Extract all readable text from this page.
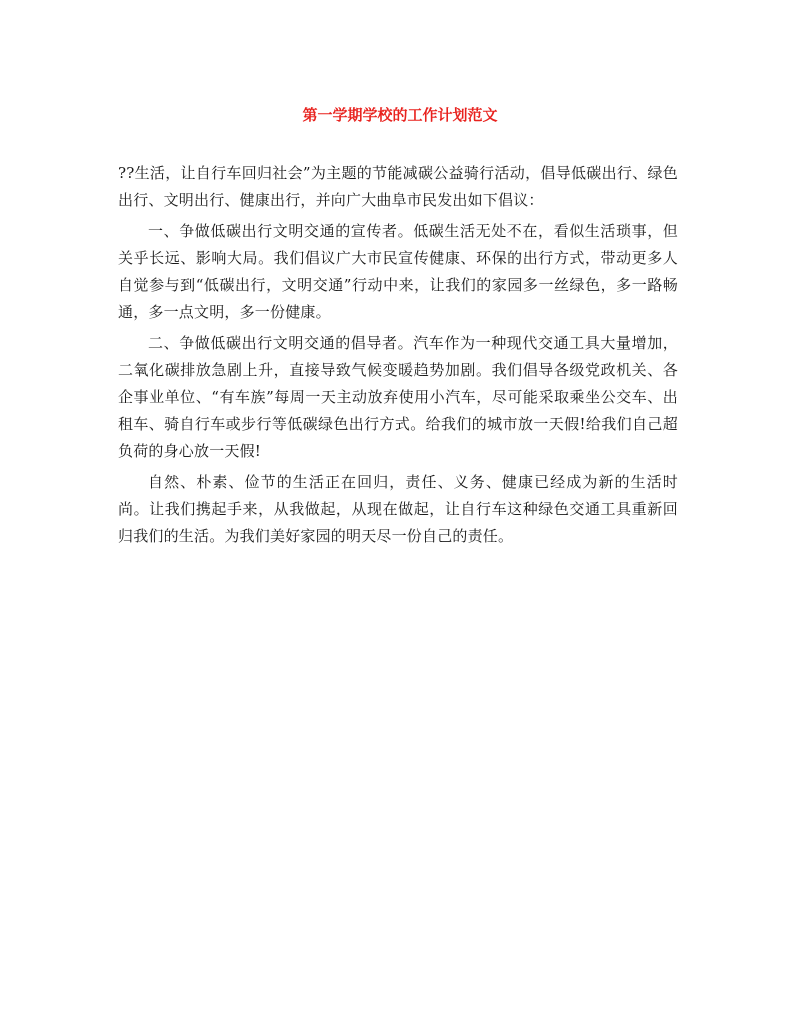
第一学期学校的工作计划范文

??生活，让自行车回归社会”为主题的节能减碳公益骑行活动，倡导低碳出行、绿色出行、文明出行、健康出行，并向广大曲阜市民发出如下倡议：

一、争做低碳出行文明交通的宣传者。低碳生活无处不在，看似生活琐事，但关乎长远、影响大局。我们倡议广大市民宣传健康、环保的出行方式，带动更多人自觉参与到“低碳出行，文明交通”行动中来，让我们的家园多一丝绿色，多一路畅通，多一点文明，多一份健康。

二、争做低碳出行文明交通的倡导者。汽车作为一种现代交通工具大量增加，二氧化碳排放急剧上升，直接导致气候变暖趋势加剧。我们倡导各级党政机关、各企事业单位、“有车族”每周一天主动放弃使用小汽车，尽可能采取乘坐公交车、出租车、骑自行车或步行等低碳绿色出行方式。给我们的城市放一天假!给我们自己超负荷的身心放一天假!

自然、朴素、俭节的生活正在回归，责任、义务、健康已经成为新的生活时尚。让我们携起手来，从我做起，从现在做起，让自行车这种绿色交通工具重新回归我们的生活。为我们美好家园的明天尽一份自己的责任。
